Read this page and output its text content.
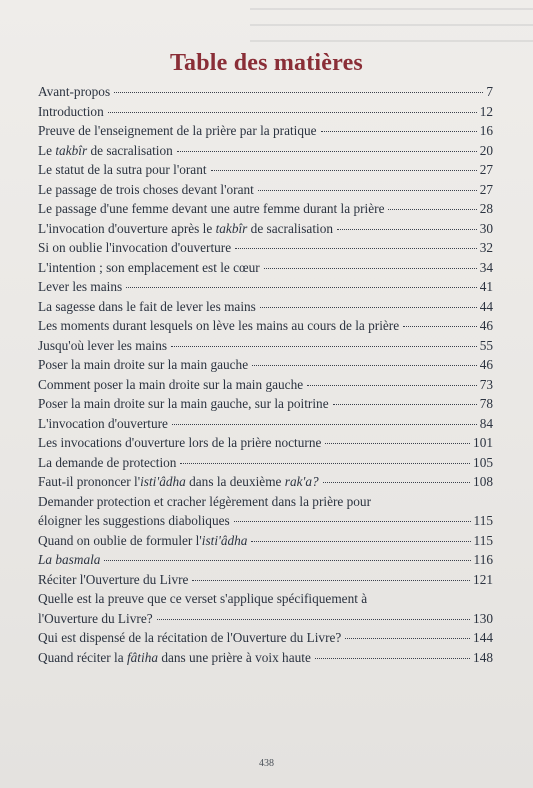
Table des matières
Avant-propos	7
Introduction	12
Preuve de l'enseignement de la prière par la pratique	16
Le takbîr de sacralisation	20
Le statut de la sutra pour l'orant	27
Le passage de trois choses devant l'orant	27
Le passage d'une femme devant une autre femme durant la prière	28
L'invocation d'ouverture après le takbîr de sacralisation	30
Si on oublie l'invocation d'ouverture	32
L'intention ; son emplacement est le cœur	34
Lever les mains	41
La sagesse dans le fait de lever les mains	44
Les moments durant lesquels on lève les mains au cours de la prière	46
Jusqu'où lever les mains	55
Poser la main droite sur la main gauche	46
Comment poser la main droite sur la main gauche	73
Poser la main droite sur la main gauche, sur la poitrine	78
L'invocation d'ouverture	84
Les invocations d'ouverture lors de la prière nocturne	101
La demande de protection	105
Faut-il prononcer l'isti'âdha dans la deuxième rak'a?	108
Demander protection et cracher légèrement dans la prière pour
éloigner les suggestions diaboliques	115
Quand on oublie de formuler l'isti'âdha	115
La basmala	116
Réciter l'Ouverture du Livre	121
Quelle est la preuve que ce verset s'applique spécifiquement à
l'Ouverture du Livre?	130
Qui est dispensé de la récitation de l'Ouverture du Livre?	144
Quand réciter la fâtiha dans une prière à voix haute	148
438
